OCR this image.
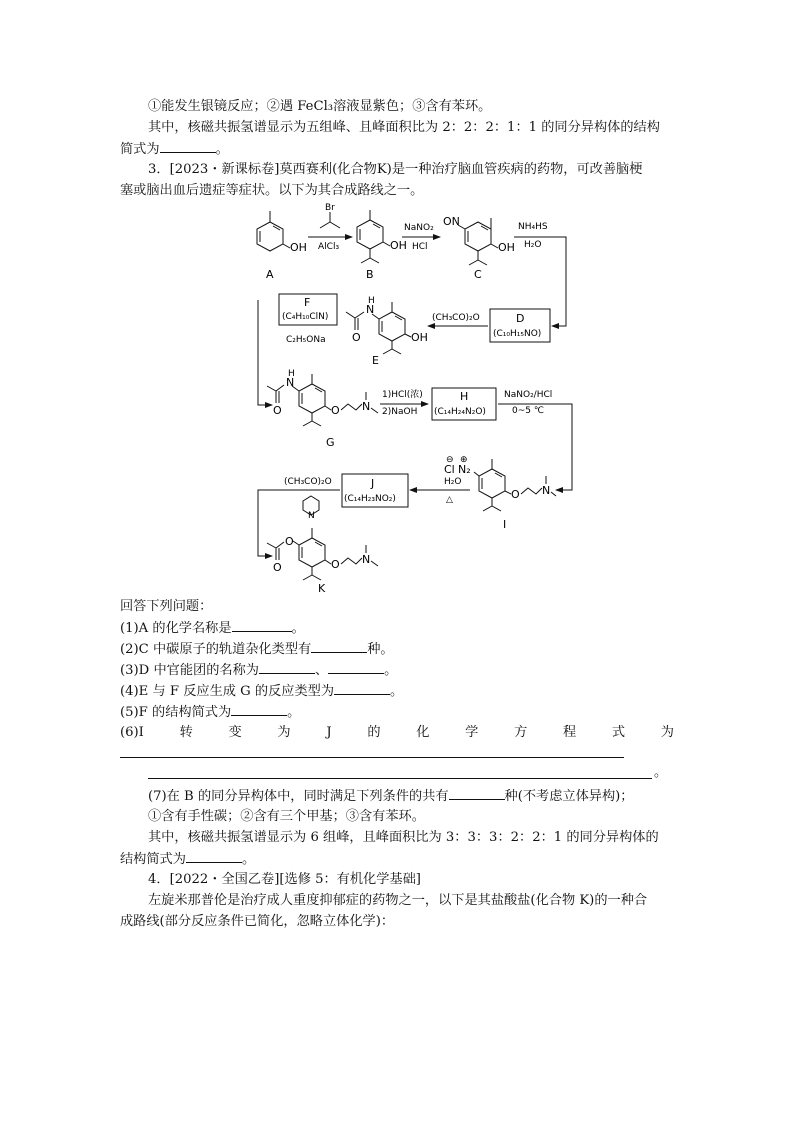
①能发生银镜反应；②遇 FeCl₃溶液显紫色；③含有苯环。
其中，核磁共振氢谱显示为五组峰、且峰面积比为 2：2：2：1：1 的同分异构体的结构
简式为	。
3．[2023・新课标卷]莫西赛利(化合物K)是一种治疗脑血管疾病的药物，可改善脑梗
塞或脑出血后遗症等症状。以下为其合成路线之一。
OH
A
Br
AlCl₃	OH
B
NaNO₂
HCl
ON
OH
C
NH₄HS
H₂O
D
(C₁₀H₁₅NO)
(CH₃CO)₂O
N
H
O	OH
E
F
(C₄H₁₀ClN)
C₂H₅ONa
N
H
O	O N
G
1)HCl(浓)
2)NaOH
H
(C₁₄H₂₄N₂O)
NaNO₂/HCl
0~5 ℃
⊖
Cl
⊕
N₂
O N
I
H₂O
△
J
(C₁₄H₂₃NO₂)
(CH₃CO)₂O
N
O
O	O N
K
回答下列问题：
(1)A 的化学名称是	。
(2)C 中碳原子的轨道杂化类型有	种。
(3)D 中官能团的名称为	、	。
(4)E 与 F 反应生成 G 的反应类型为	。
(5)F 的结构简式为	。
(6)I	转	变	为	J	的	化	学	方	程	式	为
。
(7)在 B 的同分异构体中，同时满足下列条件的共有	种(不考虑立体异构)；
①含有手性碳；②含有三个甲基；③含有苯环。
其中，核磁共振氢谱显示为 6 组峰，且峰面积比为 3：3：3：2：2：1 的同分异构体的
结构简式为	。
4．[2022・全国乙卷][选修 5：有机化学基础]
左旋米那普伦是治疗成人重度抑郁症的药物之一，以下是其盐酸盐(化合物 K)的一种合
成路线(部分反应条件已简化，忽略立体化学)：
